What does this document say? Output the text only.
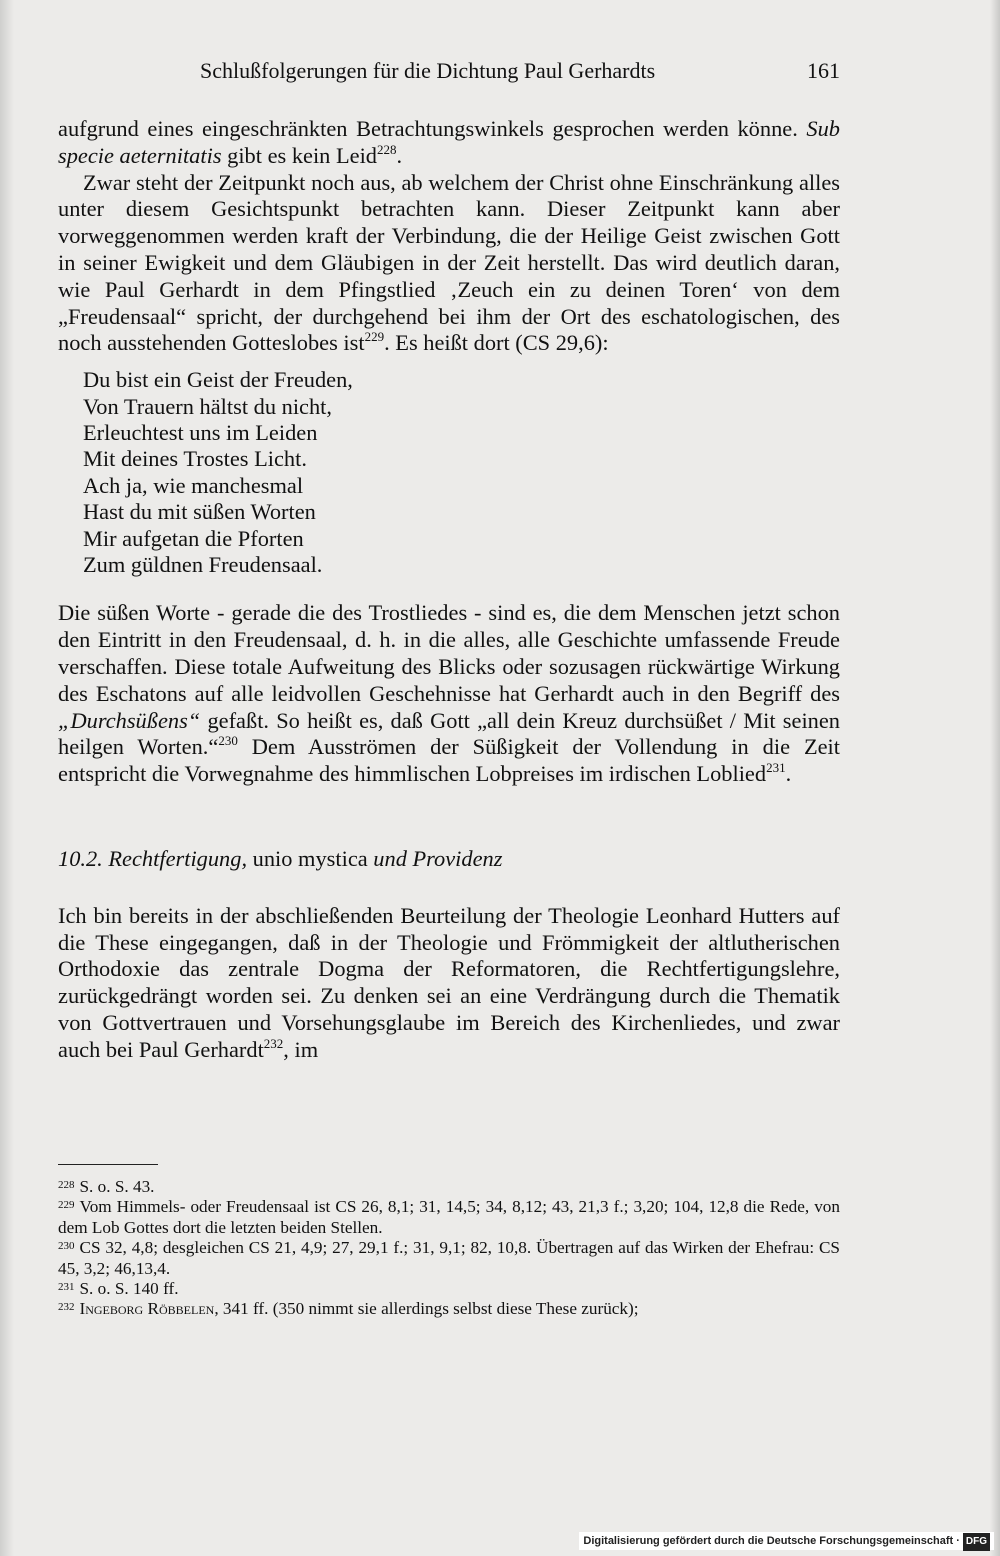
Schlußfolgerungen für die Dichtung Paul Gerhardts	161

aufgrund eines eingeschränkten Betrachtungswinkels gesprochen werden könne. Sub specie aeternitatis gibt es kein Leid$^{228}$.

Zwar steht der Zeitpunkt noch aus, ab welchem der Christ ohne Einschränkung alles unter diesem Gesichtspunkt betrachten kann. Dieser Zeitpunkt kann aber vorweggenommen werden kraft der Verbindung, die der Heilige Geist zwischen Gott in seiner Ewigkeit und dem Gläubigen in der Zeit herstellt. Das wird deutlich daran, wie Paul Gerhardt in dem Pfingstlied ‚Zeuch ein zu deinen Toren‘ von dem „Freudensaal“ spricht, der durchgehend bei ihm der Ort des eschatologischen, des noch ausstehenden Gotteslobes ist$^{229}$. Es heißt dort (CS 29,6):

Du bist ein Geist der Freuden,
Von Trauern hältst du nicht,
Erleuchtest uns im Leiden
Mit deines Trostes Licht.
Ach ja, wie manchesmal
Hast du mit süßen Worten
Mir aufgetan die Pforten
Zum güldnen Freudensaal.

Die süßen Worte - gerade die des Trostliedes - sind es, die dem Menschen jetzt schon den Eintritt in den Freudensaal, d. h. in die alles, alle Geschichte umfassende Freude verschaffen. Diese totale Aufweitung des Blicks oder sozusagen rückwärtige Wirkung des Eschatons auf alle leidvollen Geschehnisse hat Gerhardt auch in den Begriff des „Durchsüßens“ gefaßt. So heißt es, daß Gott „all dein Kreuz durchsüßet / Mit seinen heilgen Worten.“$^{230}$ Dem Ausströmen der Süßigkeit der Vollendung in die Zeit entspricht die Vorwegnahme des himmlischen Lobpreises im irdischen Loblied$^{231}$.

10.2. Rechtfertigung, unio mystica und Providenz

Ich bin bereits in der abschließenden Beurteilung der Theologie Leonhard Hutters auf die These eingegangen, daß in der Theologie und Frömmigkeit der altlutherischen Orthodoxie das zentrale Dogma der Reformatoren, die Rechtfertigungslehre, zurückgedrängt worden sei. Zu denken sei an eine Verdrängung durch die Thematik von Gottvertrauen und Vorsehungsglaube im Bereich des Kirchenliedes, und zwar auch bei Paul Gerhardt$^{232}$, im

$^{228}$ S. o. S. 43.
$^{229}$ Vom Himmels- oder Freudensaal ist CS 26, 8,1; 31, 14,5; 34, 8,12; 43, 21,3 f.; 3,20; 104, 12,8 die Rede, von dem Lob Gottes dort die letzten beiden Stellen.
$^{230}$ CS 32, 4,8; desgleichen CS 21, 4,9; 27, 29,1 f.; 31, 9,1; 82, 10,8. Übertragen auf das Wirken der Ehefrau: CS 45, 3,2; 46,13,4.
$^{231}$ S. o. S. 140 ff.
$^{232}$ Ingeborg Röbbelen, 341 ff. (350 nimmt sie allerdings selbst diese These zurück);
Digitalisierung gefördert durch die Deutsche Forschungsgemeinschaft · DFG
